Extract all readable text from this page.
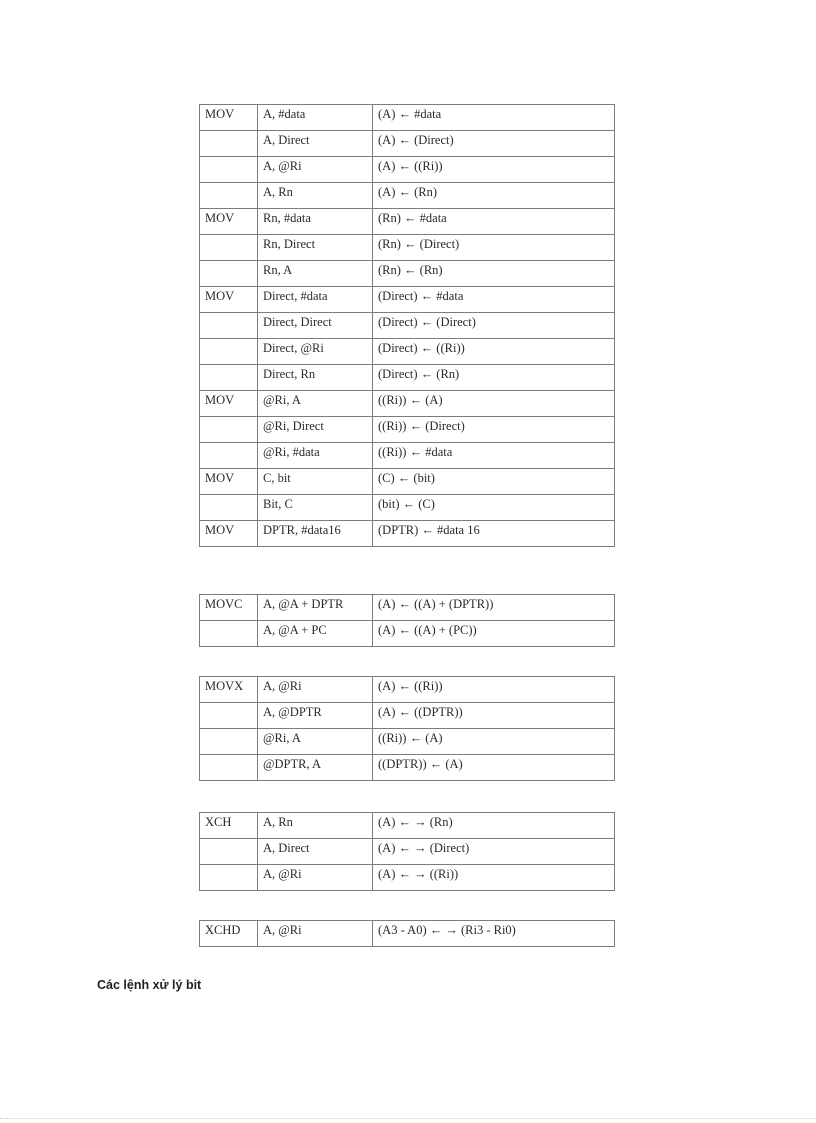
MOV	A, #data	(A) ← #data
	A, Direct	(A) ← (Direct)
	A, @Ri	(A) ← ((Ri))
	A, Rn	(A) ← (Rn)
MOV	Rn, #data	(Rn) ← #data
	Rn, Direct	(Rn) ← (Direct)
	Rn, A	(Rn) ← (Rn)
MOV	Direct, #data	(Direct) ← #data
	Direct, Direct	(Direct) ← (Direct)
	Direct, @Ri	(Direct) ← ((Ri))
	Direct, Rn	(Direct) ← (Rn)
MOV	@Ri, A	((Ri)) ← (A)
	@Ri, Direct	((Ri)) ← (Direct)
	@Ri, #data	((Ri)) ← #data
MOV	C, bit	(C) ← (bit)
	Bit, C	(bit) ← (C)
MOV	DPTR, #data16	(DPTR) ← #data 16
MOVC	A, @A + DPTR	(A) ← ((A) + (DPTR))
	A, @A + PC	(A) ← ((A) + (PC))
MOVX	A, @Ri	(A) ← ((Ri))
	A, @DPTR	(A) ← ((DPTR))
	@Ri, A	((Ri)) ← (A)
	@DPTR, A	((DPTR)) ← (A)
XCH	A, Rn	(A) ← → (Rn)
	A, Direct	(A) ← → (Direct)
	A, @Ri	(A) ← → ((Ri))
XCHD	A, @Ri	(A3 - A0) ← → (Ri3 - Ri0)
Các lệnh xử lý bit
